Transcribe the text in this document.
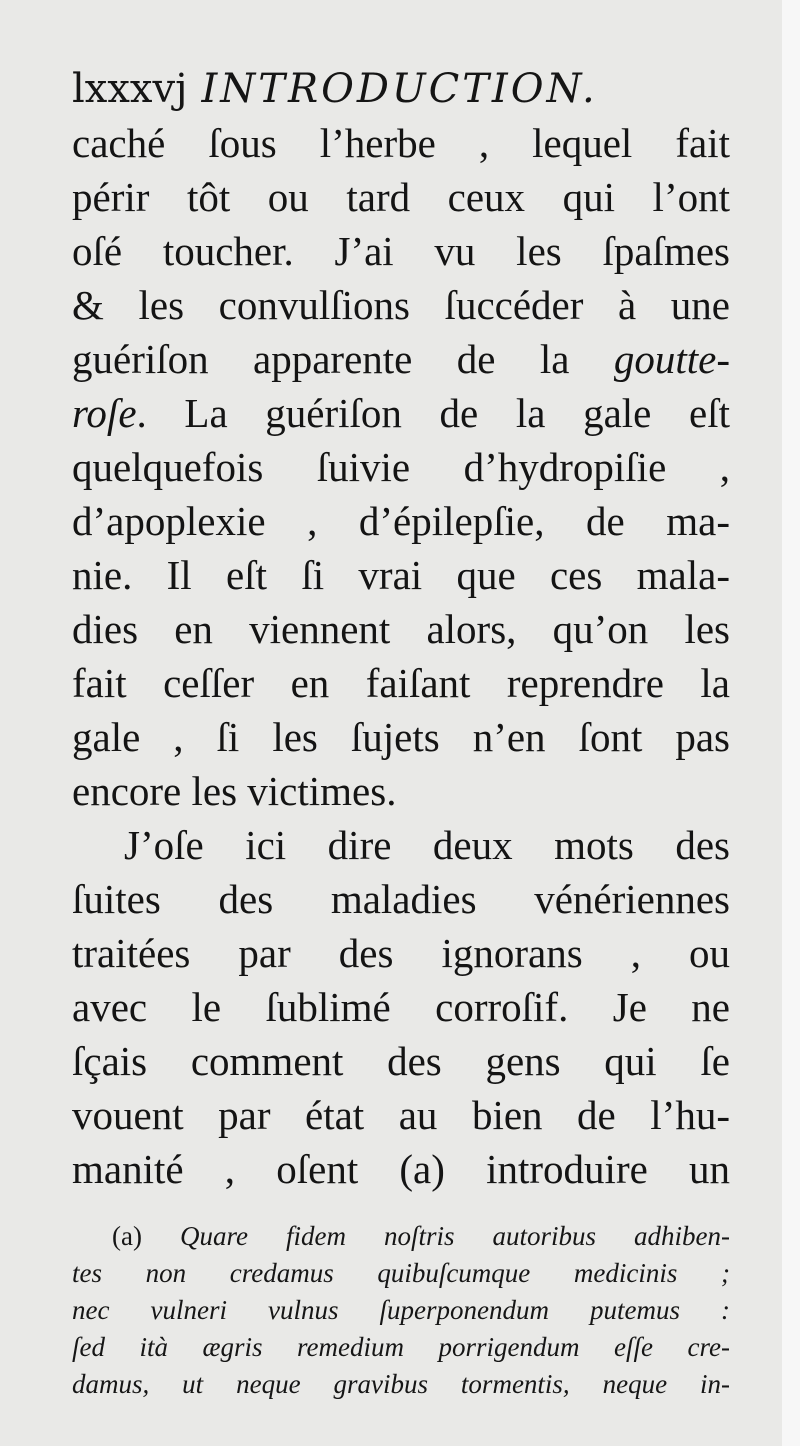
lxxxvj INTRODUCTION.
caché ſous l’herbe , lequel fait
périr tôt ou tard ceux qui l’ont
oſé toucher. J’ai vu les ſpaſmes
& les convulſions ſuccéder à une
guériſon apparente de la goutte-
roſe. La guériſon de la gale eſt
quelquefois ſuivie d’hydropiſie ,
d’apoplexie , d’épilepſie, de ma-
nie. Il eſt ſi vrai que ces mala-
dies en viennent alors, qu’on les
fait ceſſer en faiſant reprendre la
gale , ſi les ſujets n’en ſont pas
encore les victimes.
J’oſe ici dire deux mots des
ſuites des maladies vénériennes
traitées par des ignorans , ou
avec le ſublimé corroſif. Je ne
ſçais comment des gens qui ſe
vouent par état au bien de l’hu-
manité , oſent (a) introduire un
(a) Quare fidem noſtris autoribus adhiben-
tes non credamus quibuſcumque medicinis ;
nec vulneri vulnus ſuperponendum putemus :
ſed ità ægris remedium porrigendum eſſe cre-
damus, ut neque gravibus tormentis, neque in-
